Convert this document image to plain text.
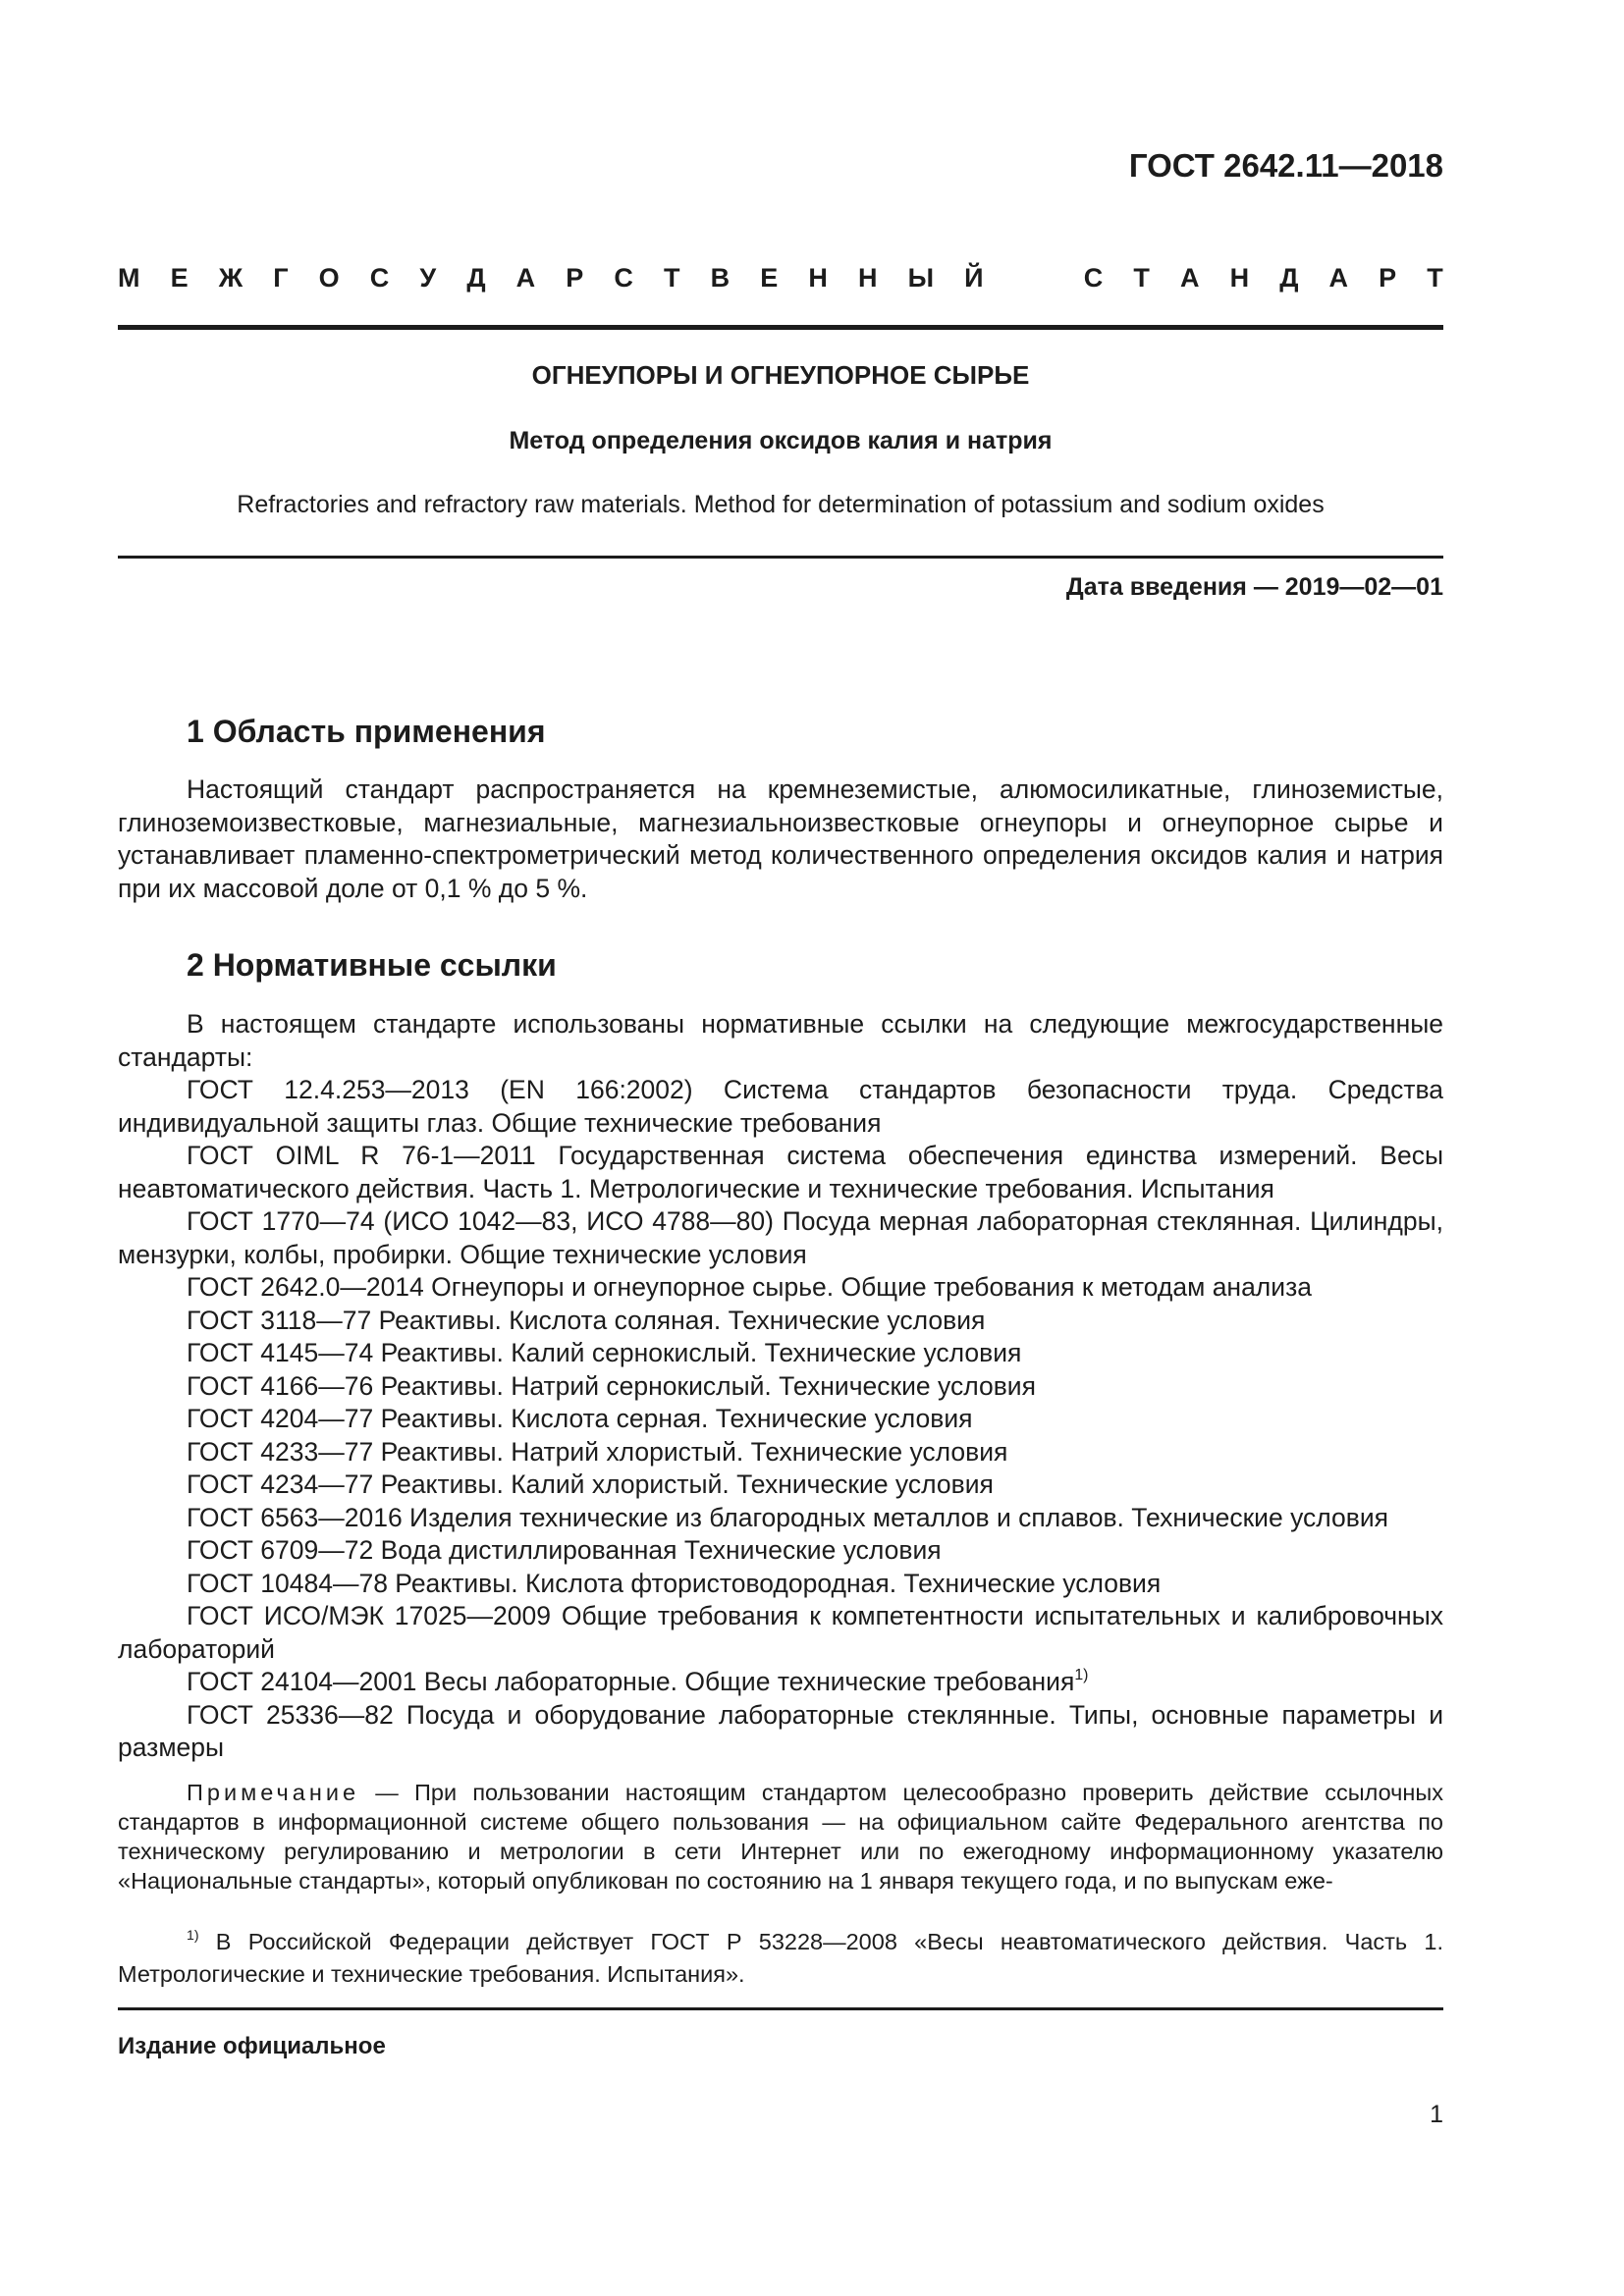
ГОСТ 2642.11—2018
М Е Ж Г О С У Д А Р С Т В Е Н Н Ы Й	С Т А Н Д А Р Т
ОГНЕУПОРЫ И ОГНЕУПОРНОЕ СЫРЬЕ
Метод определения оксидов калия и натрия
Refractories and refractory raw materials. Method for determination of potassium and sodium oxides
Дата введения — 2019—02—01
1 Область применения

Настоящий стандарт распространяется на кремнеземистые, алюмосиликатные, глиноземистые, глиноземоизвестковые, магнезиальные, магнезиальноизвестковые огнеупоры и огнеупорное сырье и устанавливает пламенно-спектрометрический метод количественного определения оксидов калия и натрия при их массовой доле от 0,1 % до 5 %.

2 Нормативные ссылки

В настоящем стандарте использованы нормативные ссылки на следующие межгосударственные стандарты:

ГОСТ 12.4.253—2013 (EN 166:2002) Система стандартов безопасности труда. Средства индивидуальной защиты глаз. Общие технические требования

ГОСТ OIML R 76-1—2011 Государственная система обеспечения единства измерений. Весы неавтоматического действия. Часть 1. Метрологические и технические требования. Испытания

ГОСТ 1770—74 (ИСО 1042—83, ИСО 4788—80) Посуда мерная лабораторная стеклянная. Цилиндры, мензурки, колбы, пробирки. Общие технические условия

ГОСТ 2642.0—2014 Огнеупоры и огнеупорное сырье. Общие требования к методам анализа

ГОСТ 3118—77 Реактивы. Кислота соляная. Технические условия

ГОСТ 4145—74 Реактивы. Калий сернокислый. Технические условия

ГОСТ 4166—76 Реактивы. Натрий сернокислый. Технические условия

ГОСТ 4204—77 Реактивы. Кислота серная. Технические условия

ГОСТ 4233—77 Реактивы. Натрий хлористый. Технические условия

ГОСТ 4234—77 Реактивы. Калий хлористый. Технические условия

ГОСТ 6563—2016 Изделия технические из благородных металлов и сплавов. Технические условия

ГОСТ 6709—72 Вода дистиллированная Технические условия

ГОСТ 10484—78 Реактивы. Кислота фтористоводородная. Технические условия

ГОСТ ИСО/МЭК 17025—2009 Общие требования к компетентности испытательных и калибровочных лабораторий

ГОСТ 24104—2001 Весы лабораторные. Общие технические требования$^{1)}$

ГОСТ 25336—82 Посуда и оборудование лабораторные стеклянные. Типы, основные параметры и размеры

Примечание — При пользовании настоящим стандартом целесообразно проверить действие ссылочных стандартов в информационной системе общего пользования — на официальном сайте Федерального агентства по техническому регулированию и метрологии в сети Интернет или по ежегодному информационному указателю «Национальные стандарты», который опубликован по состоянию на 1 января текущего года, и по выпускам еже-
$^{1)}$ В Российской Федерации действует ГОСТ Р 53228—2008 «Весы неавтоматического действия. Часть 1. Метрологические и технические требования. Испытания».
Издание официальное
1
